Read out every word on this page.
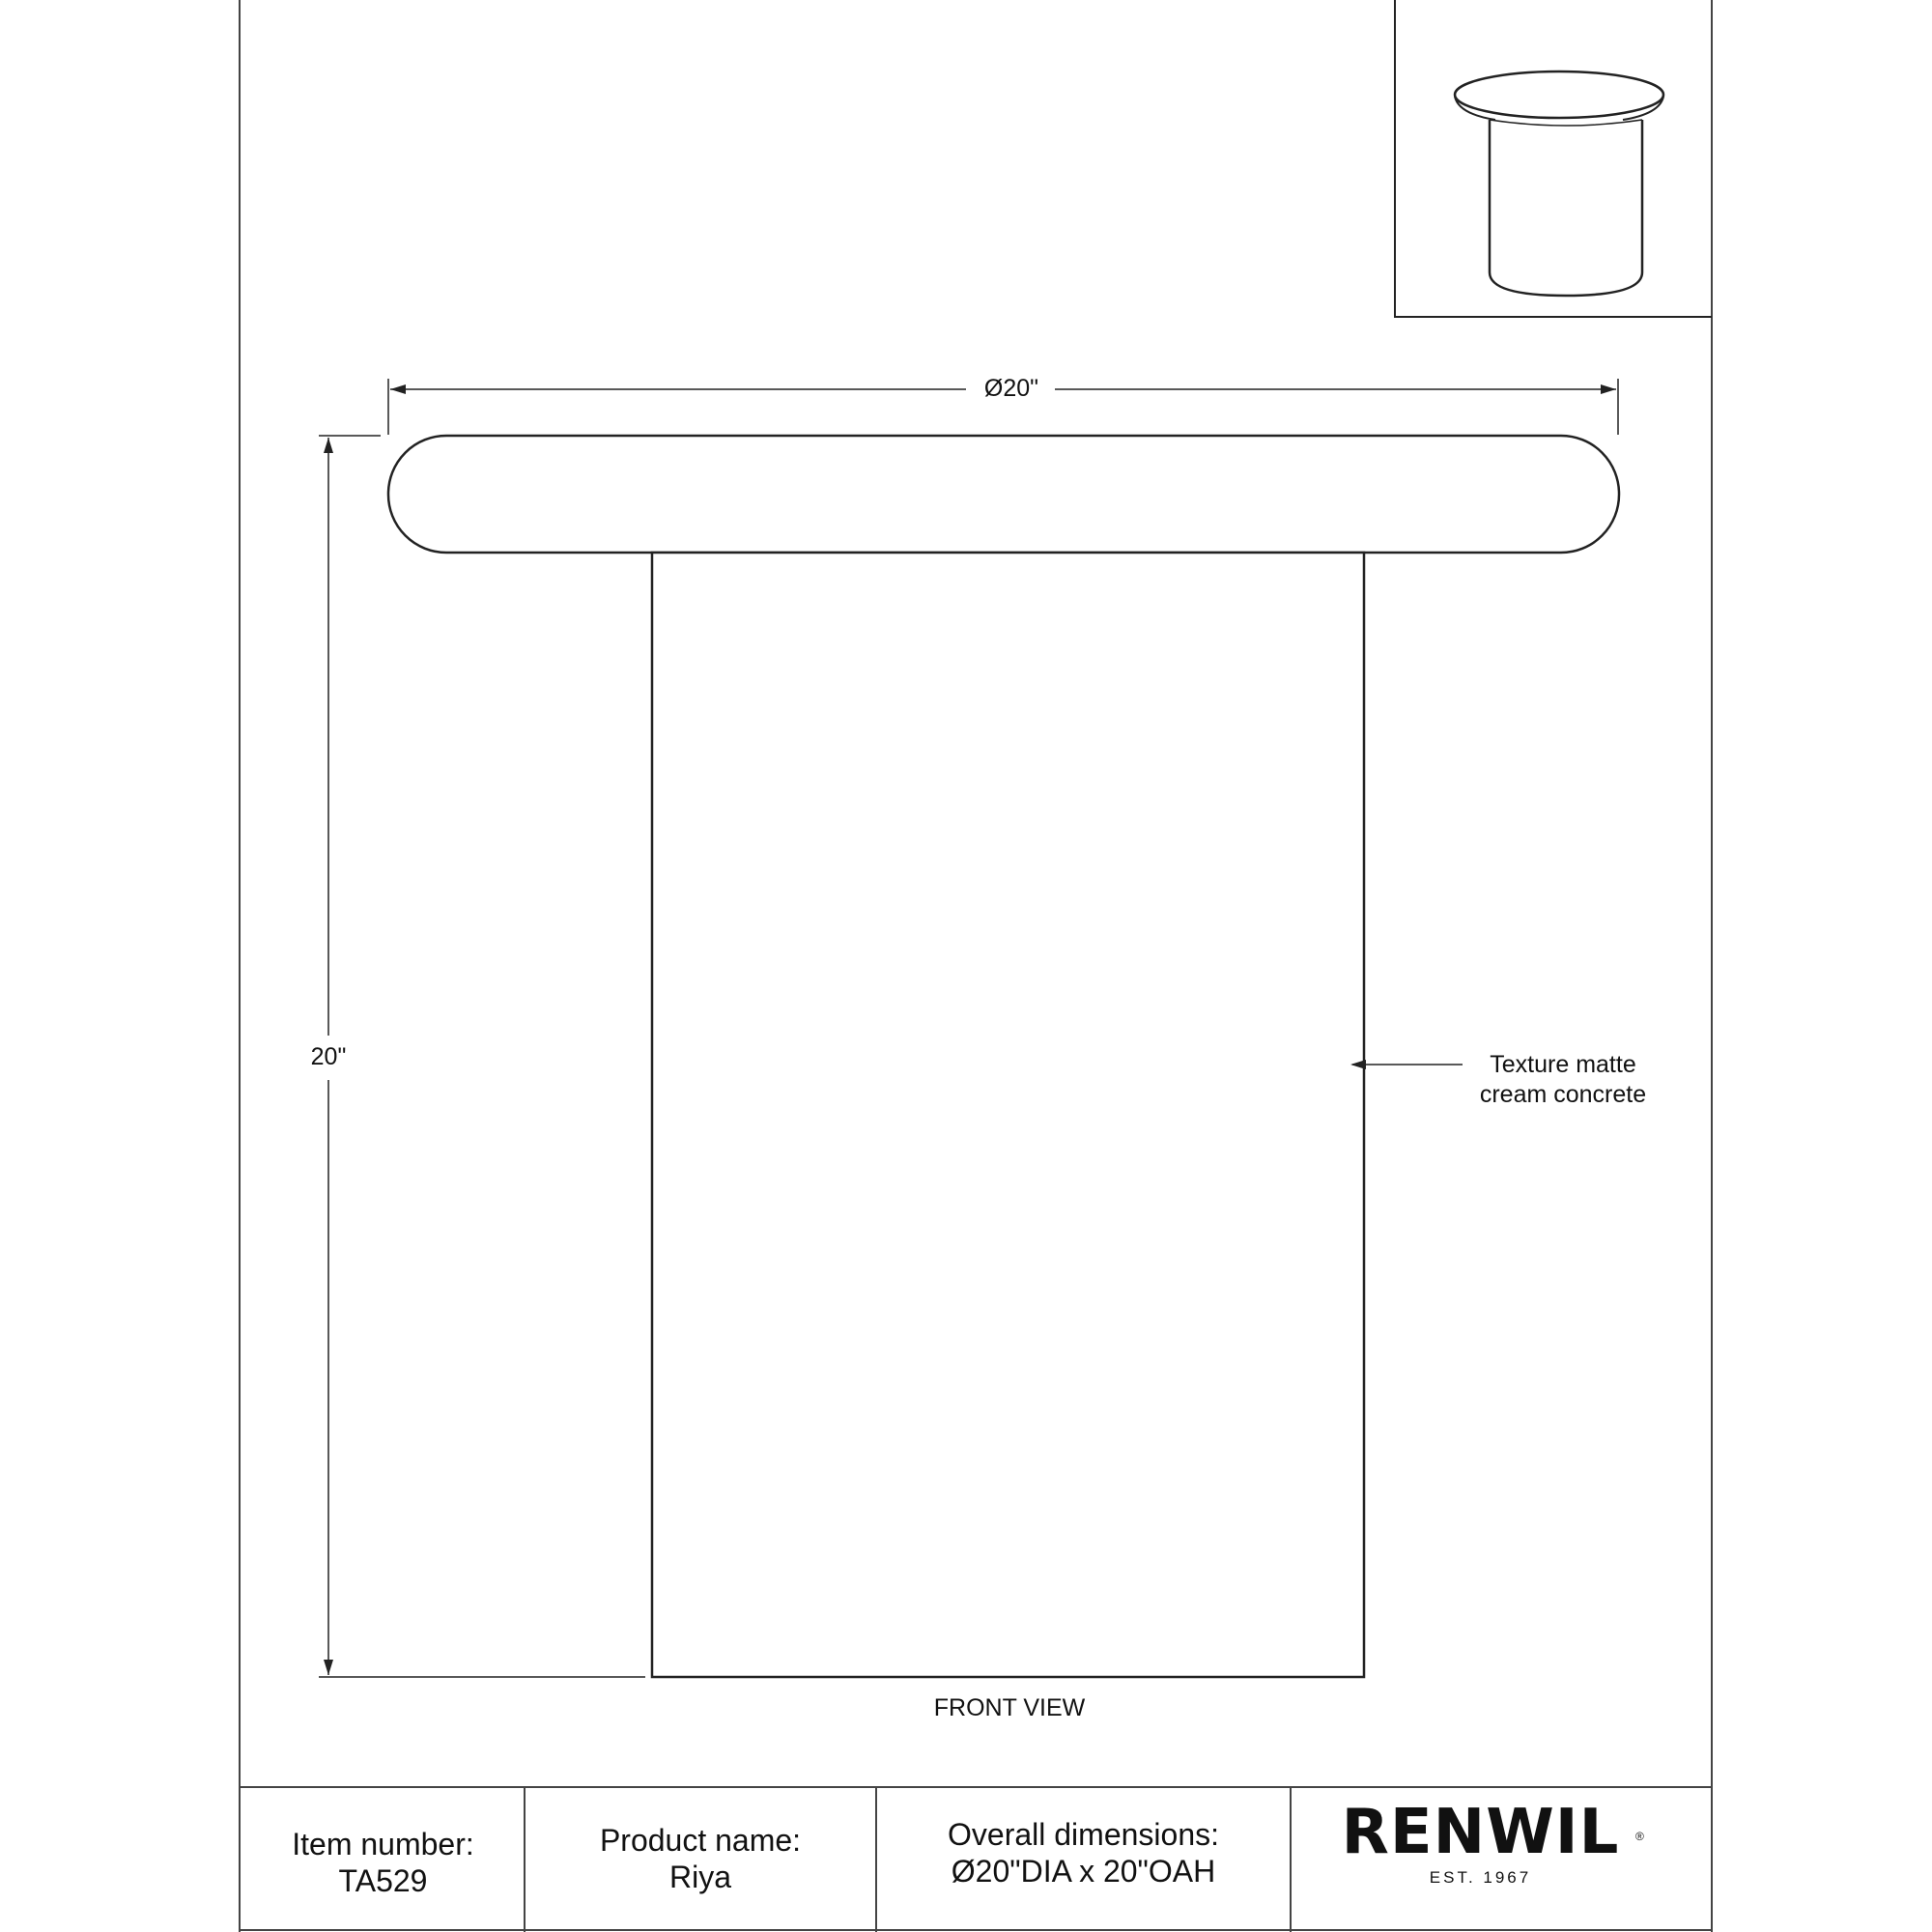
Ø20"
20"	Texture matte
cream concrete
FRONT VIEW
Item number:
TA529
Product name:
Riya
Overall dimensions:
Ø20"DIA x 20"OAH
RENWIL
EST. 1967
®
